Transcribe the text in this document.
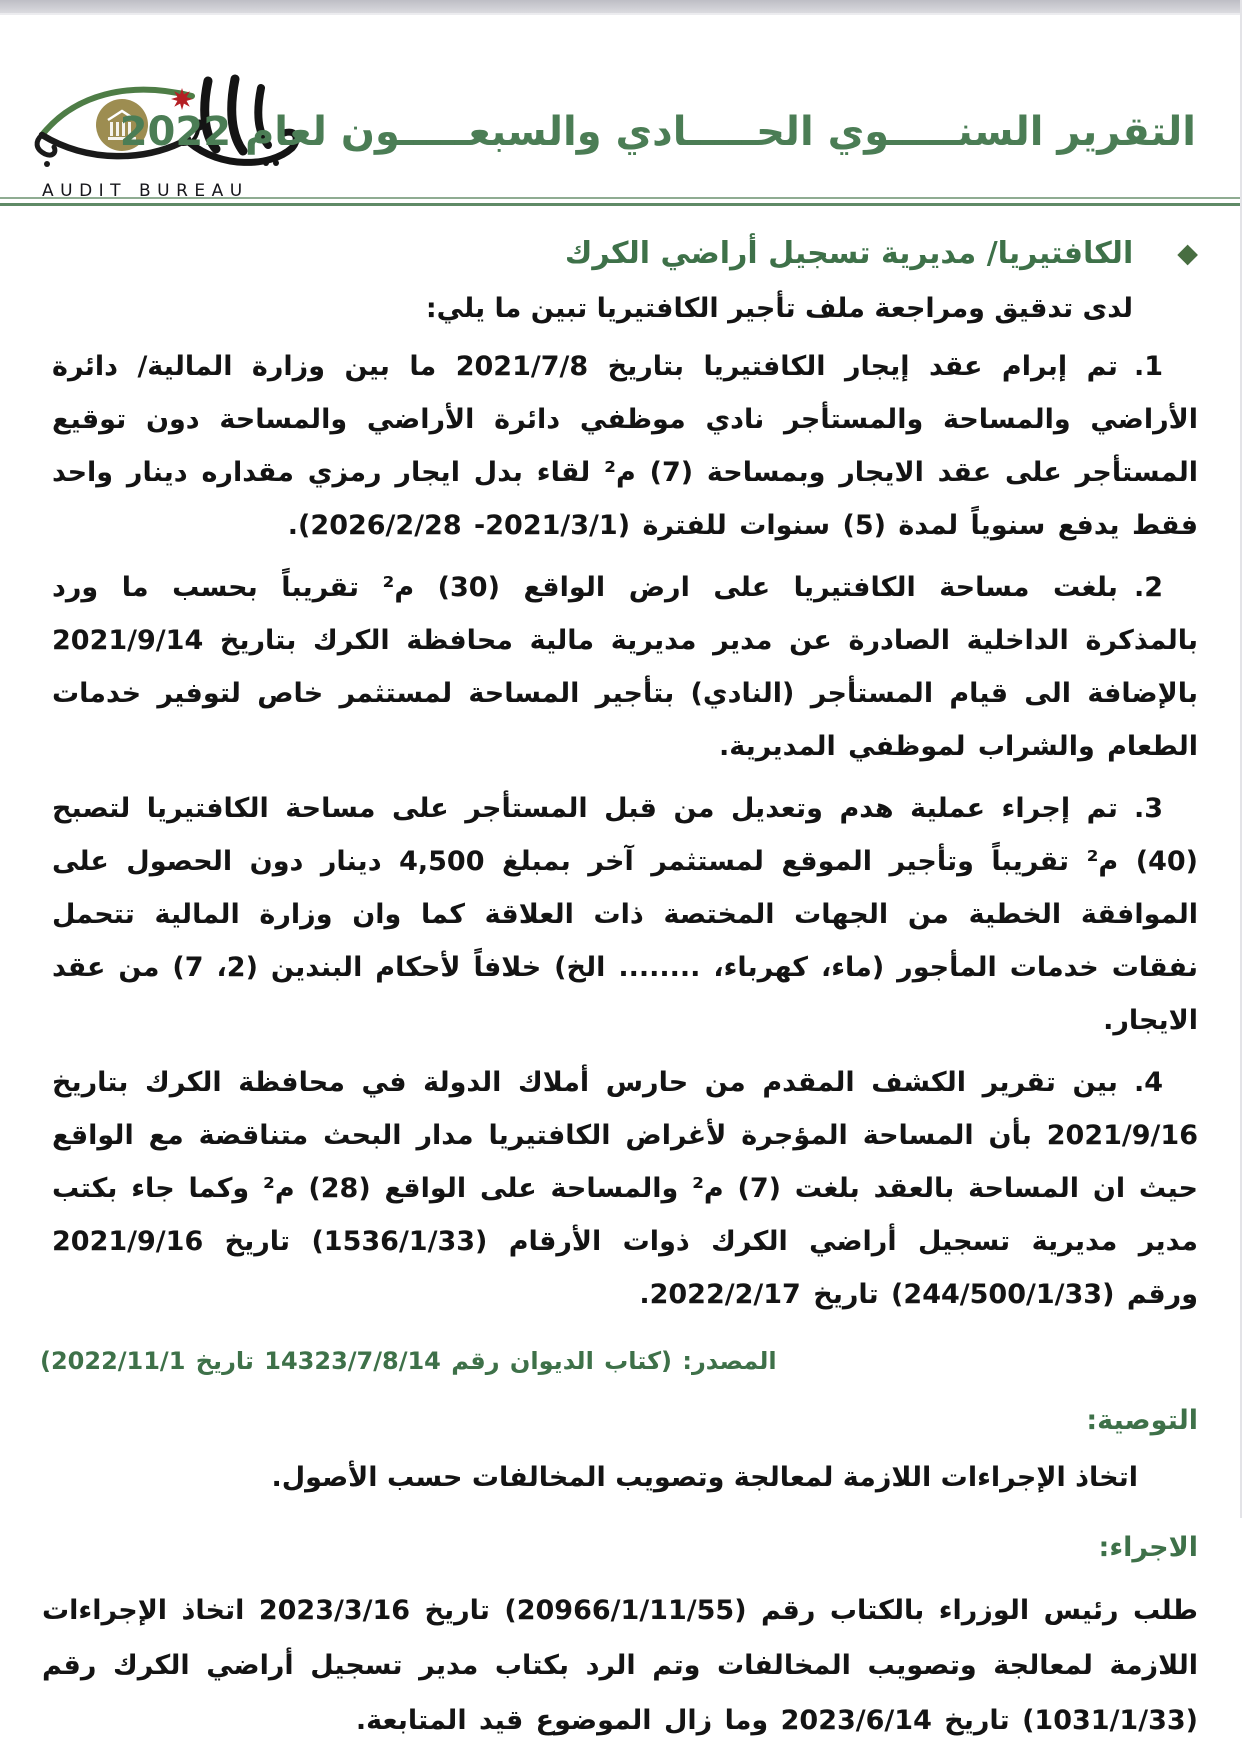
AUDIT BUREAU
التقرير السنـــــوي الحـــــادي والسبعـــــون لعام 2022
◆
الكافتيريا/ مديرية تسجيل أراضي الكرك
لدى تدقيق ومراجعة ملف تأجير الكافتيريا تبين ما يلي:

1.تم إبرام عقد إيجار الكافتيريا بتاريخ 2021/7/8 ما بين وزارة المالية/ دائرة الأراضي والمساحة والمستأجر نادي موظفي دائرة الأراضي والمساحة دون توقيع المستأجر على عقد الايجار وبمساحة (7) م² لقاء بدل ايجار رمزي مقداره دينار واحد فقط يدفع سنوياً لمدة (5) سنوات للفترة (2021/3/1- 2026/2/28).

2.بلغت مساحة الكافتيريا على ارض الواقع (30) م² تقريباً بحسب ما ورد بالمذكرة الداخلية الصادرة عن مدير مديرية مالية محافظة الكرك بتاريخ 2021/9/14 بالإضافة الى قيام المستأجر (النادي) بتأجير المساحة لمستثمر خاص لتوفير خدمات الطعام والشراب لموظفي المديرية.

3.تم إجراء عملية هدم وتعديل من قبل المستأجر على مساحة الكافتيريا لتصبح (40) م² تقريباً وتأجير الموقع لمستثمر آخر بمبلغ 4,500 دينار دون الحصول على الموافقة الخطية من الجهات المختصة ذات العلاقة كما وان وزارة المالية تتحمل نفقات خدمات المأجور (ماء، كهرباء، ........ الخ) خلافاً لأحكام البندين (2، 7) من عقد الايجار.

4.بين تقرير الكشف المقدم من حارس أملاك الدولة في محافظة الكرك بتاريخ 2021/9/16 بأن المساحة المؤجرة لأغراض الكافتيريا مدار البحث متناقضة مع الواقع حيث ان المساحة بالعقد بلغت (7) م² والمساحة على الواقع (28) م² وكما جاء بكتب مدير مديرية تسجيل أراضي الكرك ذوات الأرقام (1536/1/33) تاريخ 2021/9/16 ورقم (244/500/1/33) تاريخ 2022/2/17.

المصدر: (كتاب الديوان رقم 14323/7/8/14 تاريخ 2022/11/1)
التوصية:
اتخاذ الإجراءات اللازمة لمعالجة وتصويب المخالفات حسب الأصول.
الاجراء:

طلب رئيس الوزراء بالكتاب رقم (20966/1/11/55) تاريخ 2023/3/16 اتخاذ الإجراءات اللازمة لمعالجة وتصويب المخالفات وتم الرد بكتاب مدير تسجيل أراضي الكرك رقم (1031/1/33) تاريخ 2023/6/14 وما زال الموضوع قيد المتابعة.
